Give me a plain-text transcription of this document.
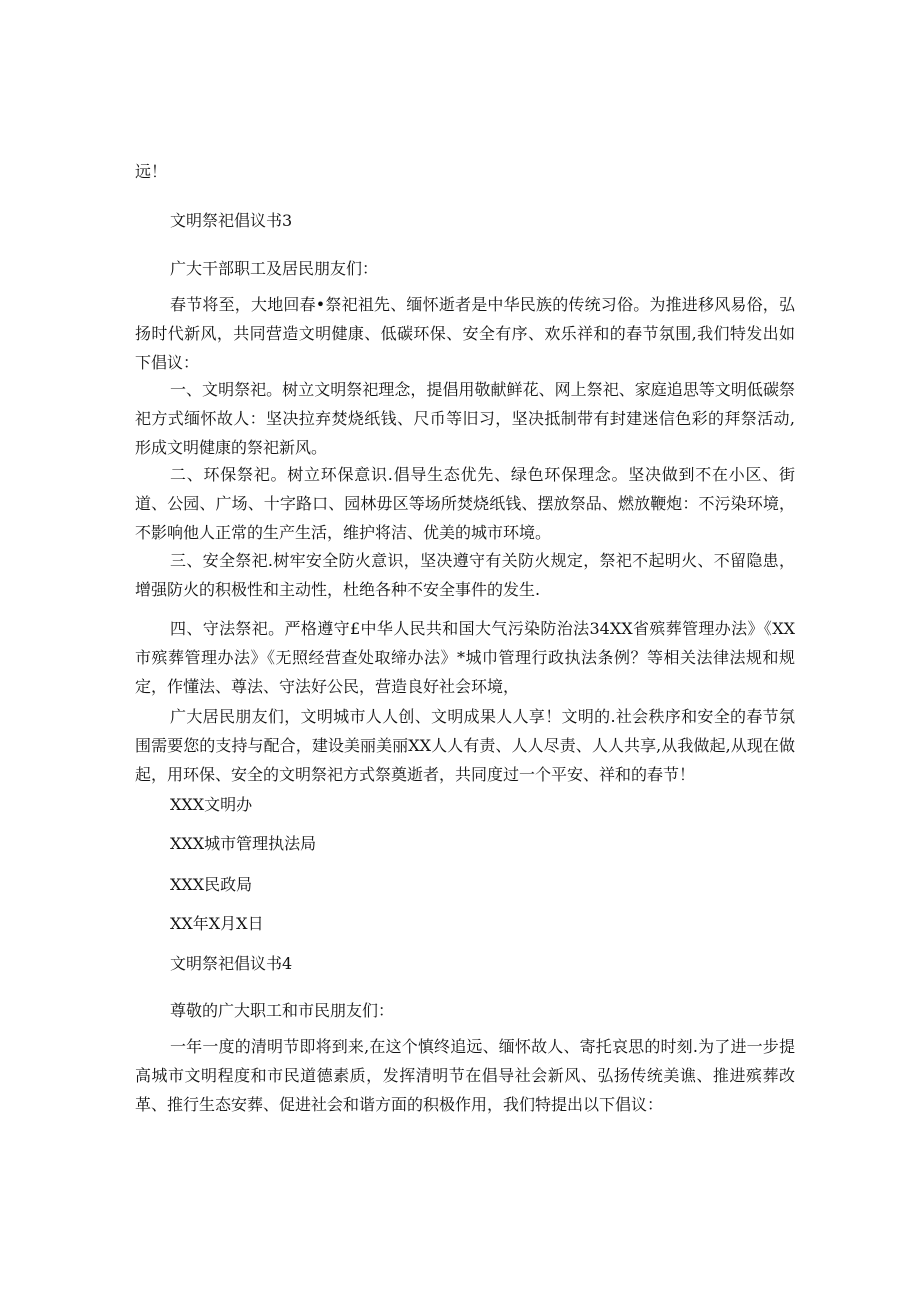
远！

文明祭祀倡议书3

广大干部职工及居民朋友们：

春节将至，大地回春•祭祀祖先、缅怀逝者是中华民族的传统习俗。为推进移风易俗，弘扬时代新风，共同营造文明健康、低碳环保、安全有序、欢乐祥和的春节氛围,我们特发出如下倡议：

一、文明祭祀。树立文明祭祀理念，提倡用敬献鲜花、网上祭祀、家庭追思等文明低碳祭祀方式缅怀故人：坚决拉弃焚烧纸钱、尺币等旧习，坚决抵制带有封建迷信色彩的拜祭活动,形成文明健康的祭祀新风。

二、环保祭祀。树立环保意识.倡导生态优先、绿色环保理念。坚决做到不在小区、街道、公园、广场、十字路口、园林毋区等场所焚烧纸钱、摆放祭品、燃放鞭炮：不污染环境，不影响他人正常的生产生活，维护将洁、优美的城市环境。

三、安全祭祀.树牢安全防火意识，坚决遵守有关防火规定，祭祀不起明火、不留隐患，增强防火的积极性和主动性，杜绝各种不安全事件的发生.

四、守法祭祀。严格遵守£中华人民共和国大气污染防治法34XX省殡葬管理办法》《XX市殡葬管理办法》《无照经营查处取缔办法》*城巾管理行政执法条例？等相关法律法规和规定，作懂法、尊法、守法好公民，营造良好社会环境，

广大居民朋友们，文明城市人人创、文明成果人人享！文明的.社会秩序和安全的春节氛围需要您的支持与配合，建设美丽美丽XX人人有责、人人尽责、人人共享,从我做起,从现在做起，用环保、安全的文明祭祀方式祭奠逝者，共同度过一个平安、祥和的春节！

XXX文明办

XXX城市管理执法局

XXX民政局

XX年X月X日

文明祭祀倡议书4

尊敬的广大职工和市民朋友们：

一年一度的清明节即将到来,在这个慎终追远、缅怀故人、寄托哀思的时刻.为了进一步提高城市文明程度和市民道德素质，发挥清明节在倡导社会新风、弘扬传统美谯、推进殡葬改革、推行生态安葬、促进社会和谐方面的积极作用，我们特提出以下倡议：
